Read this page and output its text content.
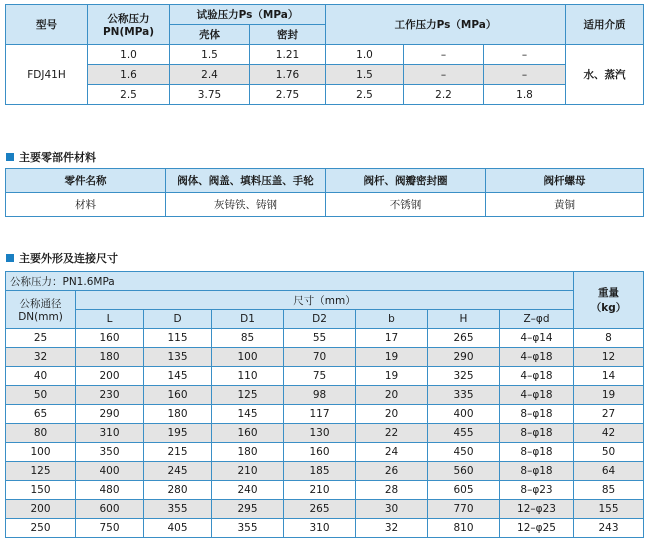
型号	公称压力
PN(MPa)	试验压力Ps（MPa）		工作压力Ps（MPa）			适用介质
		壳体	密封				
FDJ41H	1.0	1.5	1.21	1.0	–	–	水、蒸汽
	1.6	2.4	1.76	1.5	–	–	
	2.5	3.75	2.75	2.5	2.2	1.8	
主要零部件材料
零件名称	阀体、阀盖、填料压盖、手轮	阀杆、阀瓣密封圈	阀杆螺母
材料	灰铸铁、铸钢	不锈钢	黄铜
主要外形及连接尺寸
公称压力：PN1.6MPa								重量
（kg）

公称通径
DN(mm)	尺寸（mm）							
	L	D	D1	D2	b	H	Z–φd	
25	160	115	85	55	17	265	4–φ14	8
32	180	135	100	70	19	290	4–φ18	12
40	200	145	110	75	19	325	4–φ18	14
50	230	160	125	98	20	335	4–φ18	19
65	290	180	145	117	20	400	8–φ18	27
80	310	195	160	130	22	455	8–φ18	42
100	350	215	180	160	24	450	8–φ18	50
125	400	245	210	185	26	560	8–φ18	64
150	480	280	240	210	28	605	8–φ23	85
200	600	355	295	265	30	770	12–φ23	155
250	750	405	355	310	32	810	12–φ25	243
